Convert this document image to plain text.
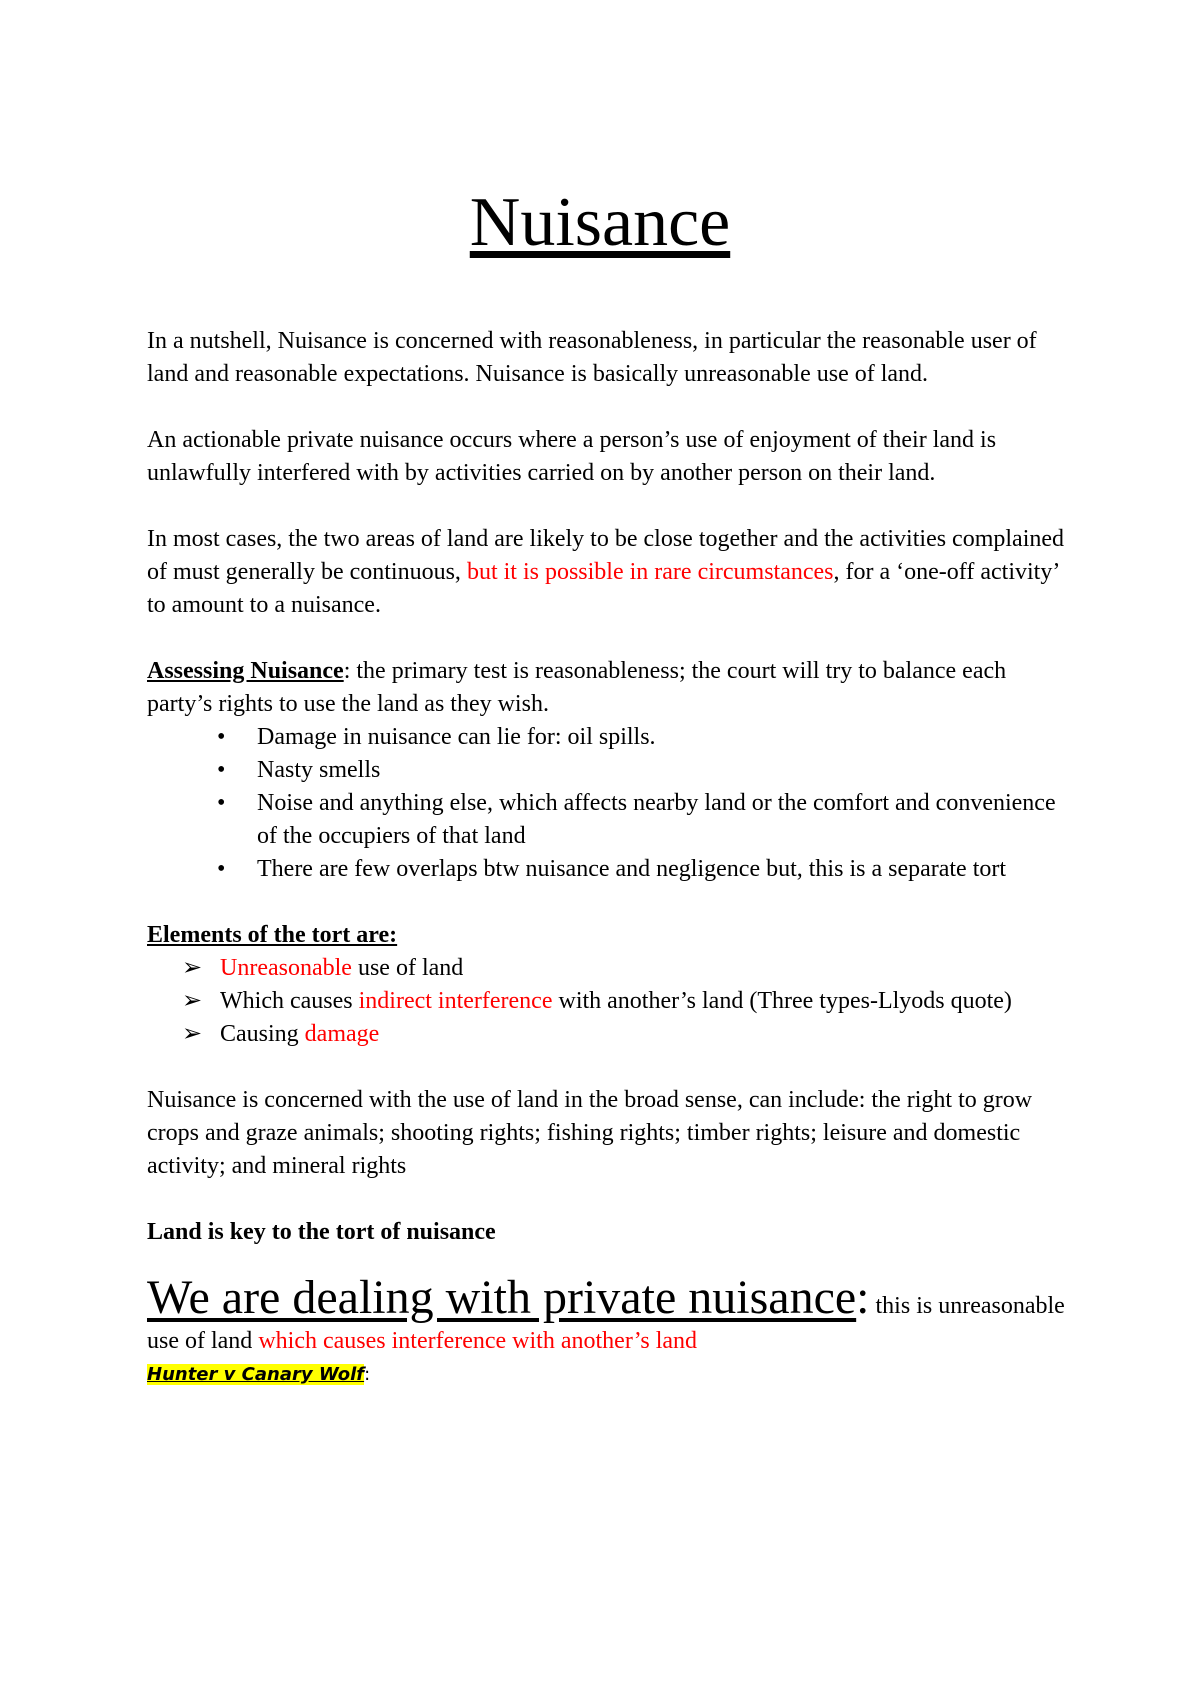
Nuisance

In a nutshell, Nuisance is concerned with reasonableness, in particular the reasonable user of land and reasonable expectations. Nuisance is basically unreasonable use of land.

An actionable private nuisance occurs where a person’s use of enjoyment of their land is unlawfully interfered with by activities carried on by another person on their land.

In most cases, the two areas of land are likely to be close together and the activities complained of must generally be continuous, but it is possible in rare circumstances, for a ‘one-off activity’ to amount to a nuisance.

Assessing Nuisance: the primary test is reasonableness; the court will try to balance each party’s rights to use the land as they wish.

• Damage in nuisance can lie for: oil spills.
• Nasty smells
• Noise and anything else, which affects nearby land or the comfort and convenience of the occupiers of that land
• There are few overlaps btw nuisance and negligence but, this is a separate tort

Elements of the tort are:

➢ Unreasonable use of land
➢ Which causes indirect interference with another’s land (Three types-Llyods quote)
➢ Causing damage

Nuisance is concerned with the use of land in the broad sense, can include: the right to grow crops and graze animals; shooting rights; fishing rights; timber rights; leisure and domestic activity; and mineral rights

Land is key to the tort of nuisance

We are dealing with private nuisance: this is unreasonable use of land which causes interference with another’s land

Hunter v Canary Wolf:
